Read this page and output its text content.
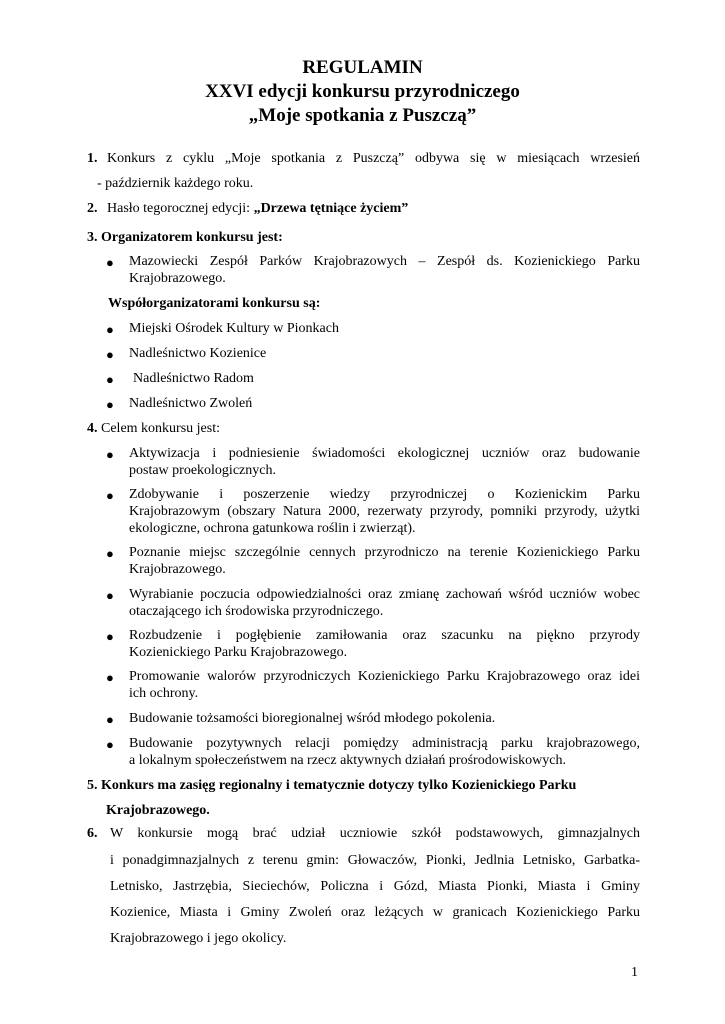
REGULAMIN
XXVI edycji konkursu przyrodniczego
„Moje spotkania z Puszczą”
1. Konkurs z cyklu „Moje spotkania z Puszczą” odbywa się w miesiącach wrzesień
- październik każdego roku.
2. Hasło tegorocznej edycji: „Drzewa tętniące życiem”
3. Organizatorem konkursu jest:
● Mazowiecki Zespół Parków Krajobrazowych – Zespół ds. Kozienickiego Parku
Krajobrazowego.
Współorganizatorami konkursu są:
● Miejski Ośrodek Kultury w Pionkach
● Nadleśnictwo Kozienice
● Nadleśnictwo Radom
● Nadleśnictwo Zwoleń
4. Celem konkursu jest:
● Aktywizacja i podniesienie świadomości ekologicznej uczniów oraz budowanie
postaw proekologicznych.
● Zdobywanie i poszerzenie wiedzy przyrodniczej o Kozienickim Parku
Krajobrazowym (obszary Natura 2000, rezerwaty przyrody, pomniki przyrody, użytki
ekologiczne, ochrona gatunkowa roślin i zwierząt).
● Poznanie miejsc szczególnie cennych przyrodniczo na terenie Kozienickiego Parku
Krajobrazowego.
● Wyrabianie poczucia odpowiedzialności oraz zmianę zachowań wśród uczniów wobec
otaczającego ich środowiska przyrodniczego.
● Rozbudzenie i pogłębienie zamiłowania oraz szacunku na piękno przyrody
Kozienickiego Parku Krajobrazowego.
● Promowanie walorów przyrodniczych Kozienickiego Parku Krajobrazowego oraz idei
ich ochrony.
● Budowanie tożsamości bioregionalnej wśród młodego pokolenia.
● Budowanie pozytywnych relacji pomiędzy administracją parku krajobrazowego,
a lokalnym społeczeństwem na rzecz aktywnych działań prośrodowiskowych.
5. Konkurs ma zasięg regionalny i tematycznie dotyczy tylko Kozienickiego Parku
Krajobrazowego.
6. W konkursie mogą brać udział uczniowie szkół podstawowych, gimnazjalnych
i ponadgimnazjalnych z terenu gmin: Głowaczów, Pionki, Jedlnia Letnisko, Garbatka-
Letnisko, Jastrzębia, Sieciechów, Policzna i Gózd, Miasta Pionki, Miasta i Gminy
Kozienice, Miasta i Gminy Zwoleń oraz leżących w granicach Kozienickiego Parku
Krajobrazowego i jego okolicy.
1
